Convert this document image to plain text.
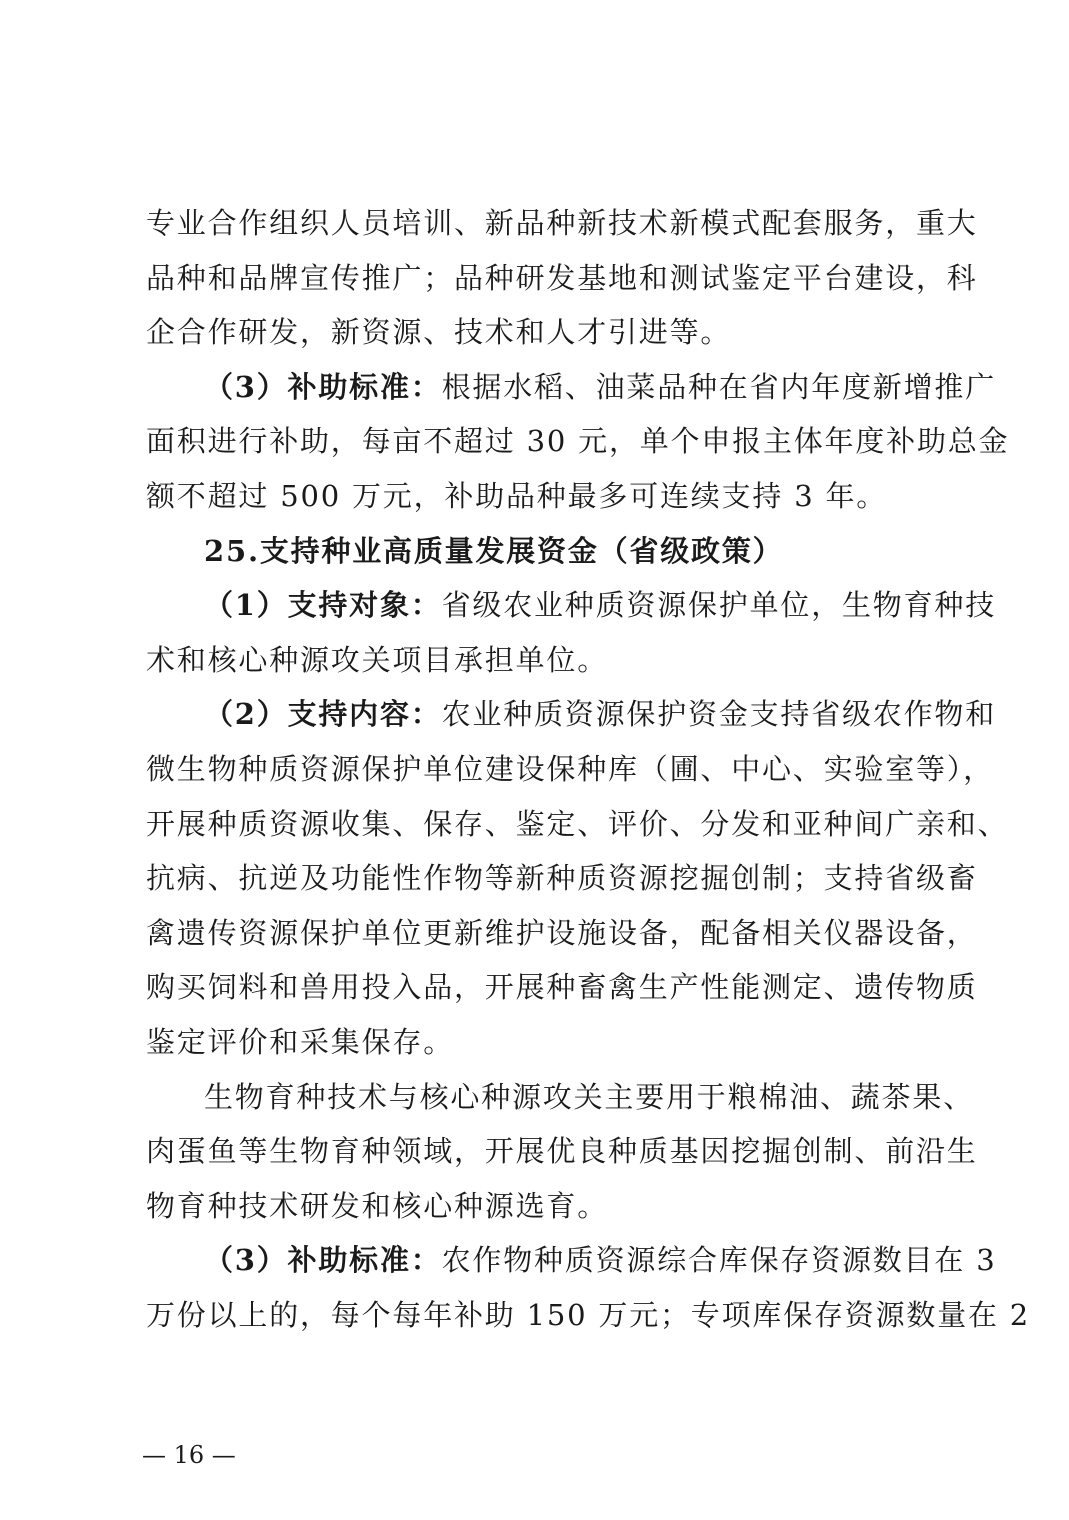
专业合作组织人员培训、新品种新技术新模式配套服务，重大
品种和品牌宣传推广；品种研发基地和测试鉴定平台建设，科
企合作研发，新资源、技术和人才引进等。
（3）补助标准：根据水稻、油菜品种在省内年度新增推广
面积进行补助，每亩不超过 30 元，单个申报主体年度补助总金
额不超过 500 万元，补助品种最多可连续支持 3 年。
25.支持种业高质量发展资金（省级政策）
（1）支持对象：省级农业种质资源保护单位，生物育种技
术和核心种源攻关项目承担单位。
（2）支持内容：农业种质资源保护资金支持省级农作物和
微生物种质资源保护单位建设保种库（圃、中心、实验室等），
开展种质资源收集、保存、鉴定、评价、分发和亚种间广亲和、
抗病、抗逆及功能性作物等新种质资源挖掘创制；支持省级畜
禽遗传资源保护单位更新维护设施设备，配备相关仪器设备，
购买饲料和兽用投入品，开展种畜禽生产性能测定、遗传物质
鉴定评价和采集保存。
生物育种技术与核心种源攻关主要用于粮棉油、蔬茶果、
肉蛋鱼等生物育种领域，开展优良种质基因挖掘创制、前沿生
物育种技术研发和核心种源选育。
（3）补助标准：农作物种质资源综合库保存资源数目在 3
万份以上的，每个每年补助 150 万元；专项库保存资源数量在 2
— 16 —
